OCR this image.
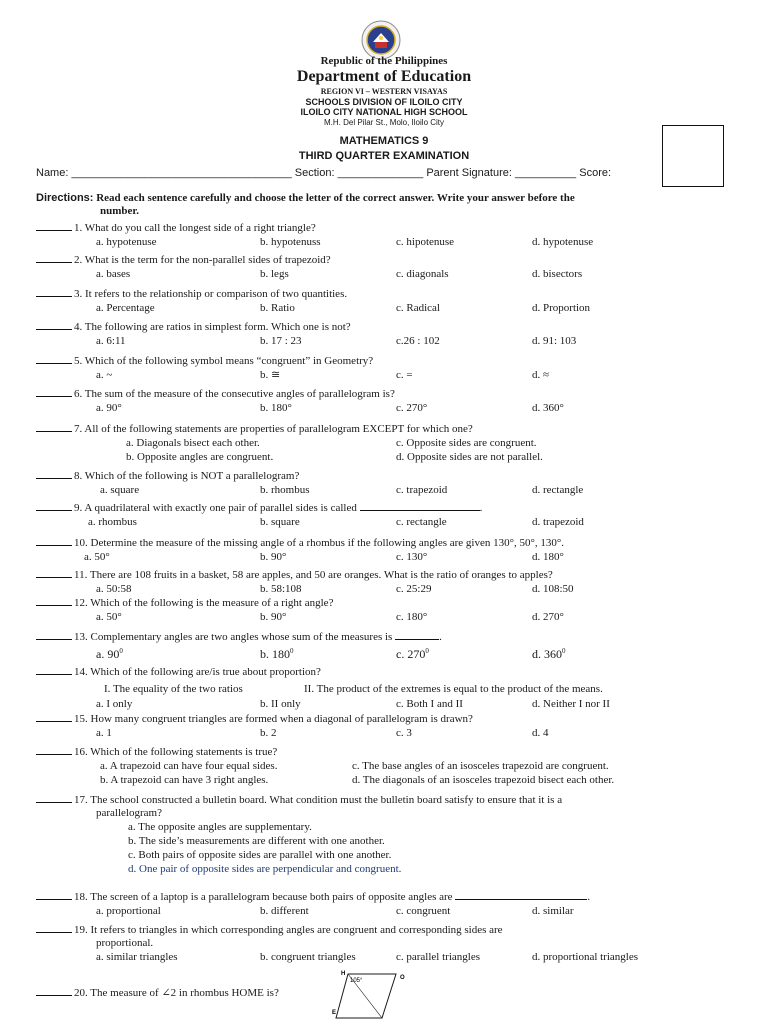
Republic of the Philippines
Department of Education
REGION VI – WESTERN VISAYAS
SCHOOLS DIVISION OF ILOILO CITY
ILOILO CITY NATIONAL HIGH SCHOOL
M.H. Del Pilar St., Molo, Iloilo City
MATHEMATICS 9
THIRD QUARTER EXAMINATION
Name: ____________________________________ Section: ______________ Parent Signature: __________ Score:
Directions: Read each sentence carefully and choose the letter of the correct answer. Write your answer before the
number.
1. What do you call the longest side of a right triangle?
a. hypotenuse	b. hypotenuss	c. hipotenuse	d. hypotenuse
2. What is the term for the non-parallel sides of trapezoid?
a. bases	b. legs	c. diagonals	d. bisectors
3. It refers to the relationship or comparison of two quantities.
a. Percentage	b. Ratio	c. Radical	d. Proportion
4. The following are ratios in simplest form. Which one is not?
a. 6:11	b. 17 : 23	c.26 : 102	d. 91: 103
5. Which of the following symbol means “congruent” in Geometry?
a. ~	b. ≅	c. =	d. ≈
6. The sum of the measure of the consecutive angles of parallelogram is?
a. 90°	b. 180°	c. 270°	d. 360°
7. All of the following statements are properties of parallelogram EXCEPT for which one?
a. Diagonals bisect each other.	c. Opposite sides are congruent.
b. Opposite angles are congruent.	d. Opposite sides are not parallel.
8. Which of the following is NOT a parallelogram?
a. square	b. rhombus	c. trapezoid	d. rectangle
9. A quadrilateral with exactly one pair of parallel sides is called	.
a. rhombus	b. square	c. rectangle	d. trapezoid
10. Determine the measure of the missing angle of a rhombus if the following angles are given 130°, 50°, 130°.
a. 50°	b. 90°	c. 130°	d. 180°
11. There are 108 fruits in a basket, 58 are apples, and 50 are oranges. What is the ratio of oranges to apples?
a. 50:58	b. 58:108	c. 25:29	d. 108:50
12. Which of the following is the measure of a right angle?
a. 50°	b. 90°	c. 180°	d. 270°
13. Complementary angles are two angles whose sum of the measures is	.
a. $90^0$	b. $180^0$	c. $270^0$	d. $360^0$
14. Which of the following are/is true about proportion?
I. The equality of the two ratios	II. The product of the extremes is equal to the product of the means.
a. I only	b. II only	c. Both I and II	d. Neither I nor II
15. How many congruent triangles are formed when a diagonal of parallelogram is drawn?
a. 1	b. 2	c. 3	d. 4
16. Which of the following statements is true?
a. A trapezoid can have four equal sides.	c. The base angles of an isosceles trapezoid are congruent.
b. A trapezoid can have 3 right angles.	d. The diagonals of an isosceles trapezoid bisect each other.
17. The school constructed a bulletin board. What condition must the bulletin board satisfy to ensure that it is a
parallelogram?
a. The opposite angles are supplementary.
b. The side’s measurements are different with one another.
c. Both pairs of opposite sides are parallel with one another.
d. One pair of opposite sides are perpendicular and congruent.
18. The screen of a laptop is a parallelogram because both pairs of opposite angles are	.
a. proportional	b. different	c. congruent	d. similar
19. It refers to triangles in which corresponding angles are congruent and corresponding sides are
proportional.
a. similar triangles	b. congruent triangles	c. parallel triangles	d. proportional triangles
20. The measure of ∠2 in rhombus HOME is?
H
O
E
105°
